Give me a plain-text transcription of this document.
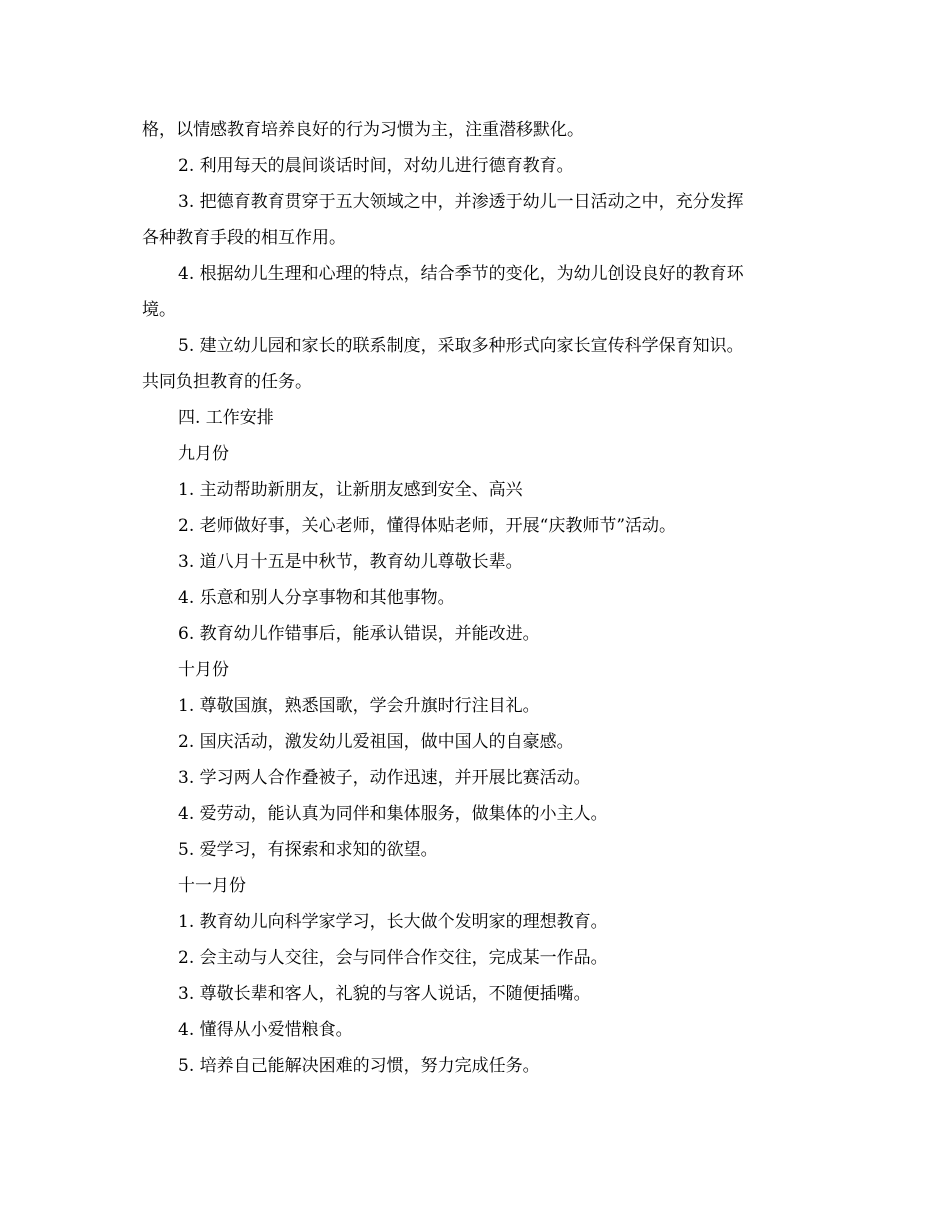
格，以情感教育培养良好的行为习惯为主，注重潜移默化。
2. 利用每天的晨间谈话时间，对幼儿进行德育教育。
3. 把德育教育贯穿于五大领域之中，并渗透于幼儿一日活动之中，充分发挥
各种教育手段的相互作用。
4. 根据幼儿生理和心理的特点，结合季节的变化，为幼儿创设良好的教育环
境。
5. 建立幼儿园和家长的联系制度，采取多种形式向家长宣传科学保育知识。
共同负担教育的任务。
四. 工作安排
九月份
1. 主动帮助新朋友，让新朋友感到安全、高兴
2. 老师做好事，关心老师，懂得体贴老师，开展“庆教师节”活动。
3. 道八月十五是中秋节，教育幼儿尊敬长辈。
4. 乐意和别人分享事物和其他事物。
6. 教育幼儿作错事后，能承认错误，并能改进。
十月份
1. 尊敬国旗，熟悉国歌，学会升旗时行注目礼。
2. 国庆活动，激发幼儿爱祖国，做中国人的自豪感。
3. 学习两人合作叠被子，动作迅速，并开展比赛活动。
4. 爱劳动，能认真为同伴和集体服务，做集体的小主人。
5. 爱学习，有探索和求知的欲望。
十一月份
1. 教育幼儿向科学家学习，长大做个发明家的理想教育。
2. 会主动与人交往，会与同伴合作交往，完成某一作品。
3. 尊敬长辈和客人，礼貌的与客人说话，不随便插嘴。
4. 懂得从小爱惜粮食。
5. 培养自己能解决困难的习惯，努力完成任务。
